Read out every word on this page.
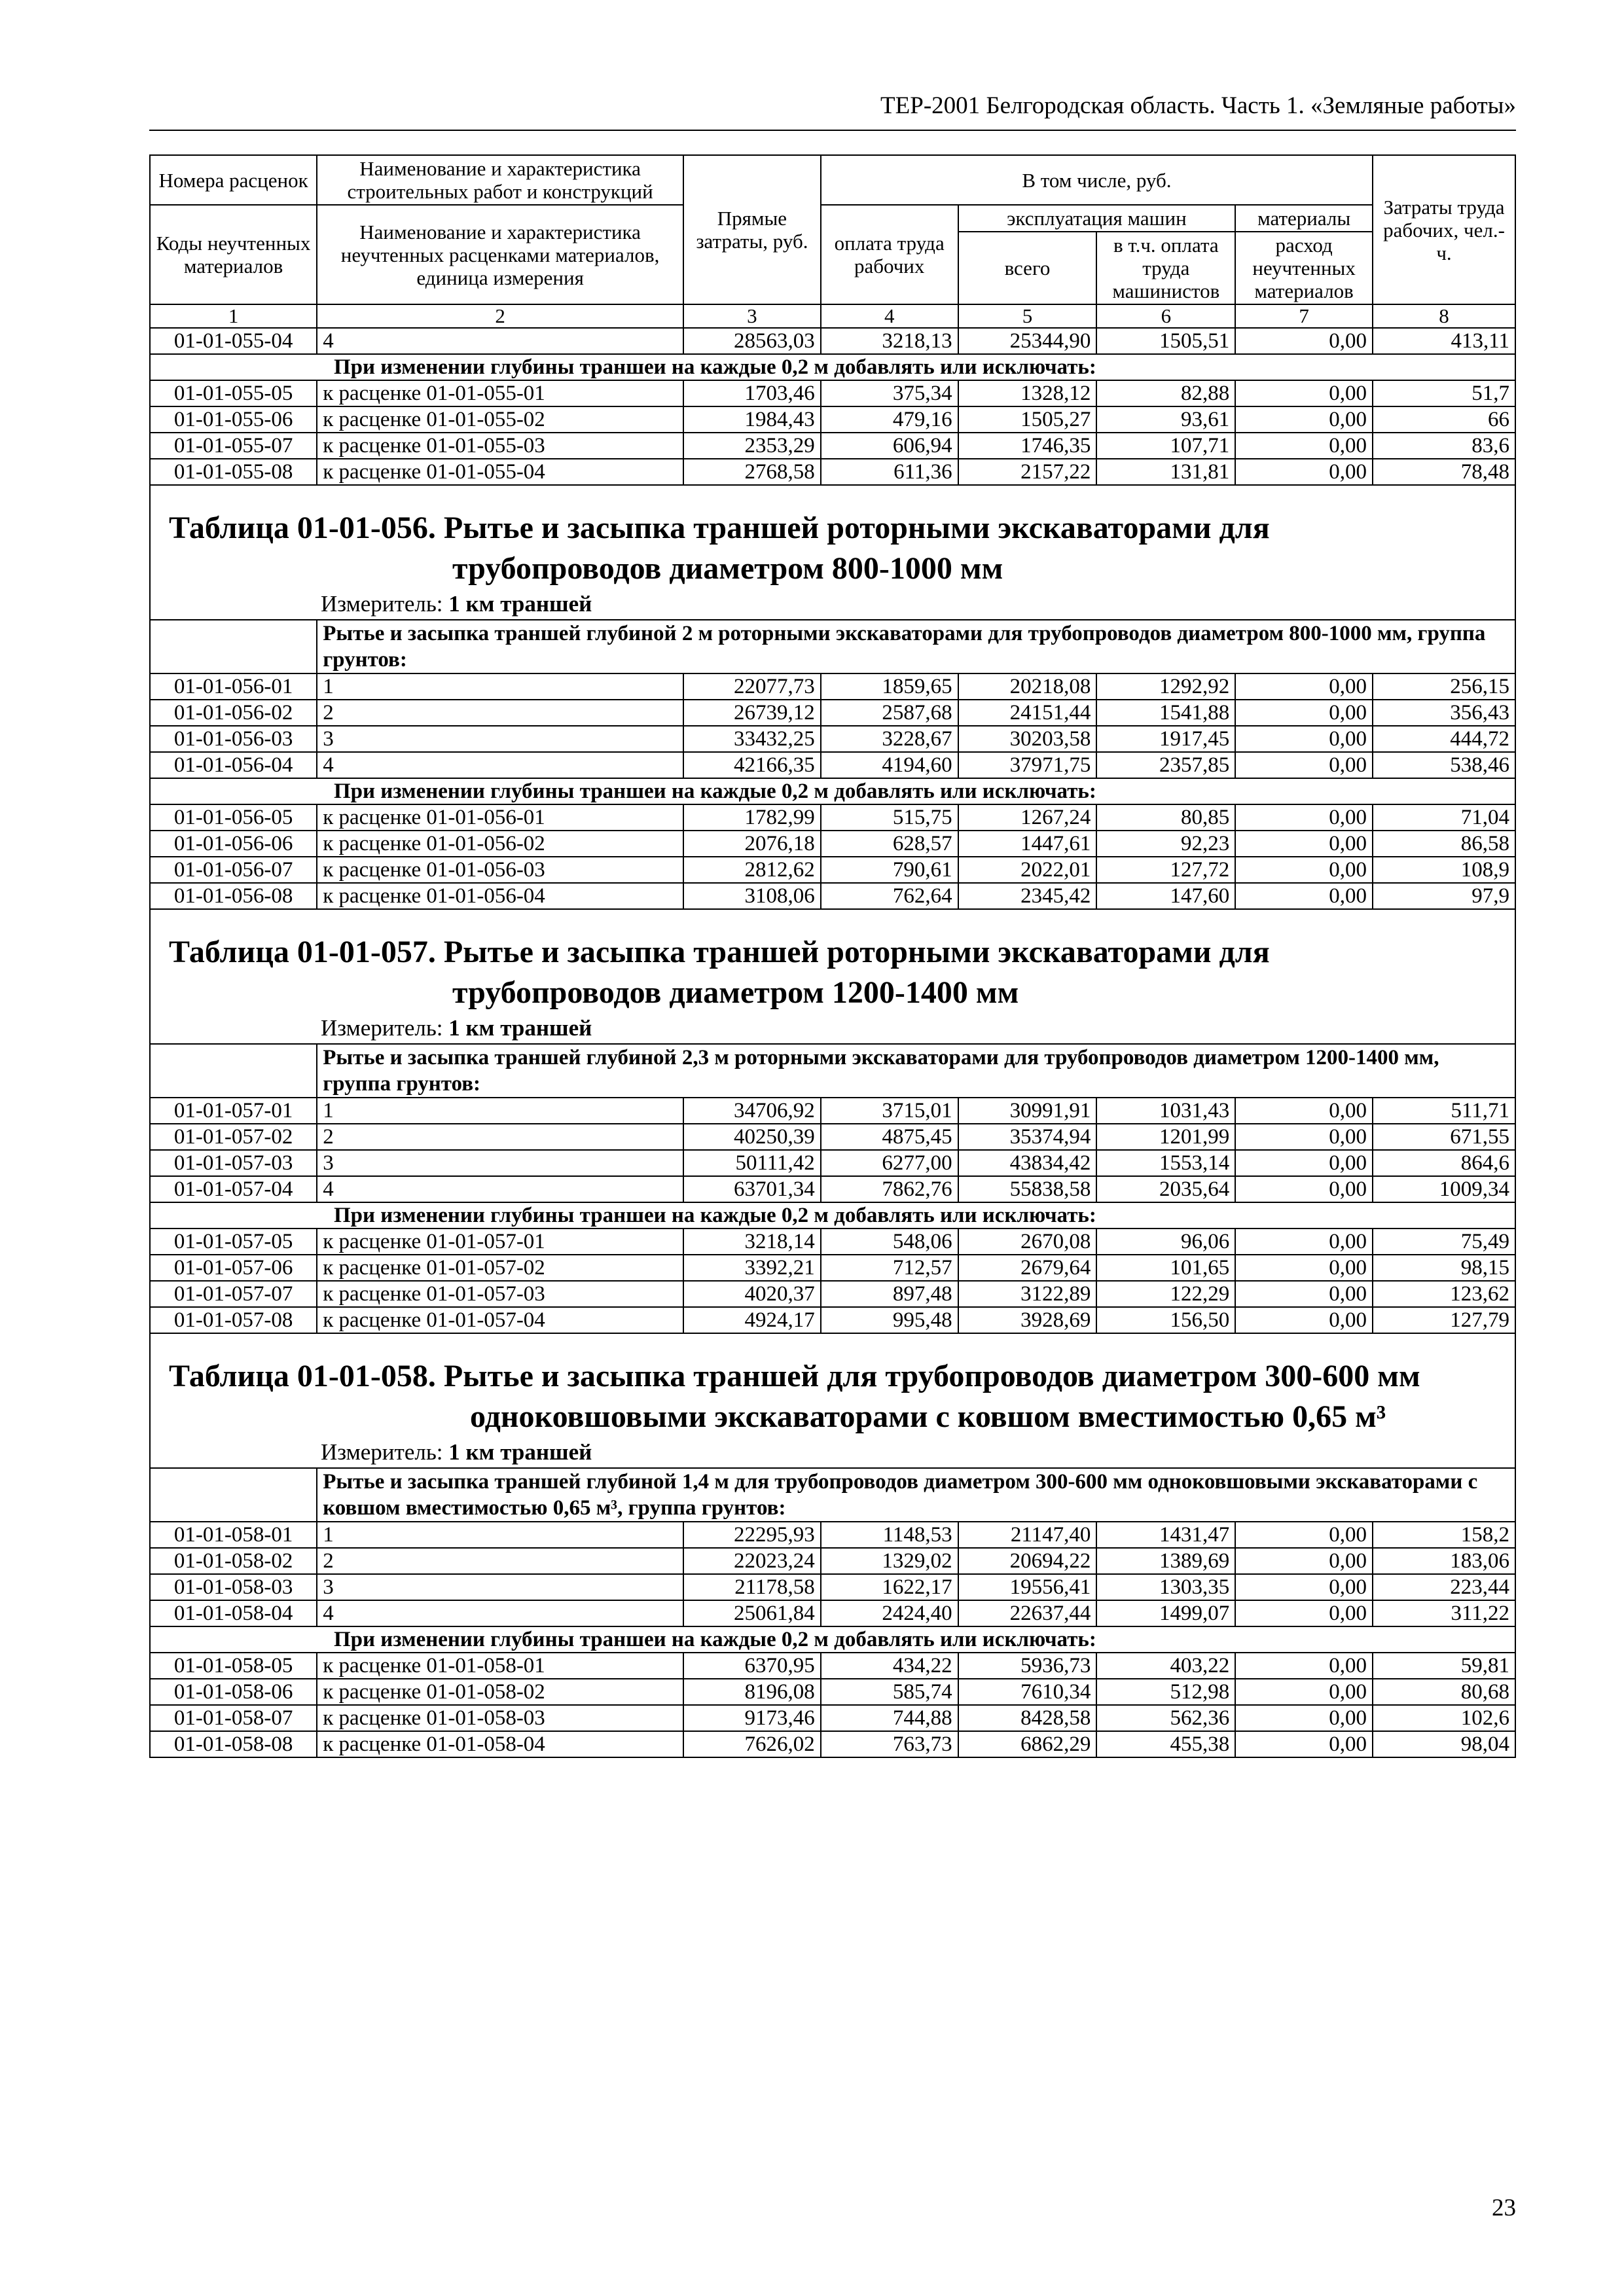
ТЕР-2001 Белгородская область. Часть 1. «Земляные работы»
Номера расценок	Наименование и характеристика строительных работ и конструкций	Прямые затраты, руб.	В том числе, руб.				Затраты труда рабочих, чел.-ч.
Коды неучтенных материалов	Наименование и характеристика неучтенных расценками материалов, единица измерения		оплата труда рабочих	эксплуатация машин		материалы	
				всего	в т.ч. оплата труда машинистов	расход неучтенных материалов	
1	2	3	4	5	6	7	8
01-01-055-04	4	28563,03	3218,13	25344,90	1505,51	0,00	413,11
При изменении глубины траншеи на каждые 0,2 м добавлять или исключать:							
01-01-055-05	к расценке 01-01-055-01	1703,46	375,34	1328,12	82,88	0,00	51,7
01-01-055-06	к расценке 01-01-055-02	1984,43	479,16	1505,27	93,61	0,00	66
01-01-055-07	к расценке 01-01-055-03	2353,29	606,94	1746,35	107,71	0,00	83,6
01-01-055-08	к расценке 01-01-055-04	2768,58	611,36	2157,22	131,81	0,00	78,48

Таблица 01-01-056. Рытье и засыпка траншей роторными экскаваторами для
трубопроводов диаметром 800-1000 мм							

Измеритель: 1 км траншей							

	Рытье и засыпка траншей глубиной 2 м роторными экскаваторами для трубопроводов диаметром 800-1000 мм, группа грунтов:						
01-01-056-01	1	22077,73	1859,65	20218,08	1292,92	0,00	256,15
01-01-056-02	2	26739,12	2587,68	24151,44	1541,88	0,00	356,43
01-01-056-03	3	33432,25	3228,67	30203,58	1917,45	0,00	444,72
01-01-056-04	4	42166,35	4194,60	37971,75	2357,85	0,00	538,46
При изменении глубины траншеи на каждые 0,2 м добавлять или исключать:							
01-01-056-05	к расценке 01-01-056-01	1782,99	515,75	1267,24	80,85	0,00	71,04
01-01-056-06	к расценке 01-01-056-02	2076,18	628,57	1447,61	92,23	0,00	86,58
01-01-056-07	к расценке 01-01-056-03	2812,62	790,61	2022,01	127,72	0,00	108,9
01-01-056-08	к расценке 01-01-056-04	3108,06	762,64	2345,42	147,60	0,00	97,9

Таблица 01-01-057. Рытье и засыпка траншей роторными экскаваторами для
трубопроводов диаметром 1200-1400 мм							

Измеритель: 1 км траншей							

	Рытье и засыпка траншей глубиной 2,3 м роторными экскаваторами для трубопроводов диаметром 1200-1400 мм, группа грунтов:						
01-01-057-01	1	34706,92	3715,01	30991,91	1031,43	0,00	511,71
01-01-057-02	2	40250,39	4875,45	35374,94	1201,99	0,00	671,55
01-01-057-03	3	50111,42	6277,00	43834,42	1553,14	0,00	864,6
01-01-057-04	4	63701,34	7862,76	55838,58	2035,64	0,00	1009,34
При изменении глубины траншеи на каждые 0,2 м добавлять или исключать:							
01-01-057-05	к расценке 01-01-057-01	3218,14	548,06	2670,08	96,06	0,00	75,49
01-01-057-06	к расценке 01-01-057-02	3392,21	712,57	2679,64	101,65	0,00	98,15
01-01-057-07	к расценке 01-01-057-03	4020,37	897,48	3122,89	122,29	0,00	123,62
01-01-057-08	к расценке 01-01-057-04	4924,17	995,48	3928,69	156,50	0,00	127,79

Таблица 01-01-058. Рытье и засыпка траншей для трубопроводов диаметром 300-600 мм
одноковшовыми экскаваторами с ковшом вместимостью 0,65 м³							

Измеритель: 1 км траншей							

	Рытье и засыпка траншей глубиной 1,4 м для трубопроводов диаметром 300-600 мм одноковшовыми экскаваторами с ковшом вместимостью 0,65 м³, группа грунтов:						
01-01-058-01	1	22295,93	1148,53	21147,40	1431,47	0,00	158,2
01-01-058-02	2	22023,24	1329,02	20694,22	1389,69	0,00	183,06
01-01-058-03	3	21178,58	1622,17	19556,41	1303,35	0,00	223,44
01-01-058-04	4	25061,84	2424,40	22637,44	1499,07	0,00	311,22
При изменении глубины траншеи на каждые 0,2 м добавлять или исключать:							
01-01-058-05	к расценке 01-01-058-01	6370,95	434,22	5936,73	403,22	0,00	59,81
01-01-058-06	к расценке 01-01-058-02	8196,08	585,74	7610,34	512,98	0,00	80,68
01-01-058-07	к расценке 01-01-058-03	9173,46	744,88	8428,58	562,36	0,00	102,6
01-01-058-08	к расценке 01-01-058-04	7626,02	763,73	6862,29	455,38	0,00	98,04
23
